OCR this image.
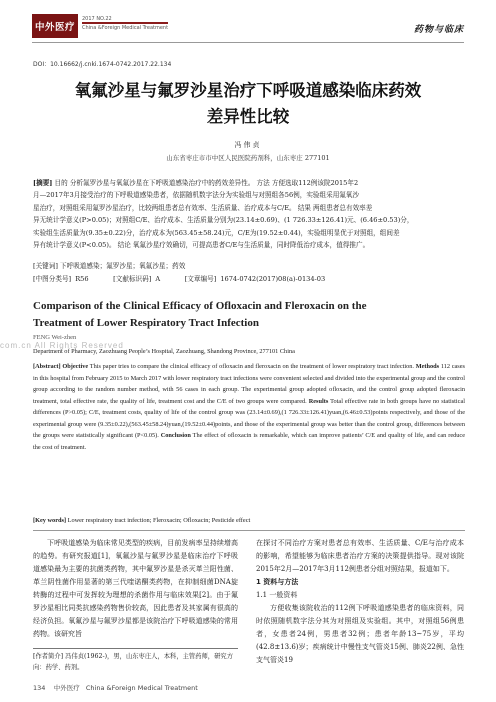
中外医疗
2017 NO.22
China &Foreign Medical Treatment	药物与临床
DOI：10.16662/j.cnki.1674-0742.2017.22.134
氧氟沙星与氟罗沙星治疗下呼吸道感染临床药效
差异性比较
冯伟贞
山东省枣庄市市中区人民医院药剂科，山东枣庄 277101
[摘要] 目的 分析氟罗沙星与氧氟沙星在下呼吸道感染治疗中的药效差异性。 方法 方便选取112例该院2015年2
月—2017年3月接受治疗的下呼吸道感染患者，依据随机数字法分为实验组与对照组各56例，实验组采用氟氧沙
星治疗，对照组采用氟罗沙星治疗，比较两组患者总有效率、生活质量、治疗成本与C/E。 结果 两组患者总有效率差
异无统计学意义(P>0.05)；对照组C/E、治疗成本、生活质量分别为(23.14±0.69)、(1 726.33±126.41)元、(6.46±0.53)分，
实验组生活质量为(9.35±0.22)分，治疗成本为(563.45±58.24)元，C/E为(19.52±0.44)，实验组明显优于对照组，组间差
异有统计学意义(P<0.05)。 结论 氧氟沙星疗效确切，可提高患者C/E与生活质量，同时降低治疗成本，值得推广。
[关键词] 下呼吸道感染；氟罗沙星；氧氟沙星；药效
[中图分类号] R56	[文献标识码] A	[文章编号] 1674-0742(2017)08(a)-0134-03
Comparison of the Clinical Efficacy of Ofloxacin and Fleroxacin on the
Treatment of Lower Respiratory Tract Infection
FENG Wei-zhen
com.cn All Rights Reserved
Department of Pharmacy, Zaozhuang People’s Hospital, Zaozhuang, Shandong Province, 277101 China
[Abstract] Objective This paper tries to compare the clinical efficacy of ofloxacin and fleroxacin on the treatment of lower respiratory tract infection. Methods 112 cases in this hospital from February 2015 to March 2017 with lower respiratory tract infections were convenient selected and divided into the experimental group and the control group according to the random number method, with 56 cases in each group. The experimental group adopted ofloxacin, and the control group adopted fleroxacin treatment, total effective rate, the quality of life, treatment cost and the C/E of two groups were compared. Results Total effective rate in both groups have no statistical differences (P>0.05); C/E, treatment costs, quality of life of the control group was (23.14±0.69),(1 726.33±126.41)yuan,(6.46±0.53)points respectively, and those of the experimental group were (9.35±0.22),(563.45±58.24)yuan,(19.52±0.44)points, and those of the experimental group was better than the control group, differences between the groups were statistically significant (P<0.05). Conclusion The effect of ofloxacin is remarkable, which can improve patients’ C/E and quality of life, and can reduce the cost of treatment.
[Key words] Lower respiratory tract infection; Fleroxacin; Ofloxacin; Pesticide effect
下呼吸道感染为临床常见类型的疾病，目前发病率呈持续增高的趋势。有研究报道[1]，氧氟沙星与氟罗沙星是临床治疗下呼吸道感染最为主要的抗菌类药物，其中氟罗沙星是杀灭革兰阳性菌、革兰阴性菌作用显著的第三代喹诺酮类药物，在抑制细菌DNA旋转酶的过程中可发挥较为理想的杀菌作用与临床效果[2]。由于氟罗沙星相比同类抗感染药物售价较高，因此患者及其家属有很高的经济负担。氧氟沙星与氟罗沙星都是该院治疗下呼吸道感染的常用药物。该研究旨
[作者简介] 冯伟贞(1962-)，男，山东枣庄人，本科，主管药师，研究方向：药学、药剂。

在探讨不同治疗方案对患者总有效率、生活质量、C/E与治疗成本的影响，希望能够为临床患者治疗方案的决策提供指导。现对该院2015年2月—2017年3月112例患者分组对照结果，报道如下。

1 资料与方法

1.1 一般资料

方便收集该院收治的112例下呼吸道感染患者的临床资料，同时依照随机数字法分其为对照组及实验组。其中，对照组56例患者，女患者24例，男患者32例；患者年龄13~75岁，平均(42.8±13.6)岁；疾病统计中慢性支气管炎15例、肺炎22例、急性支气管炎19

134 中外医疗 China &Foreign Medical Treatment
